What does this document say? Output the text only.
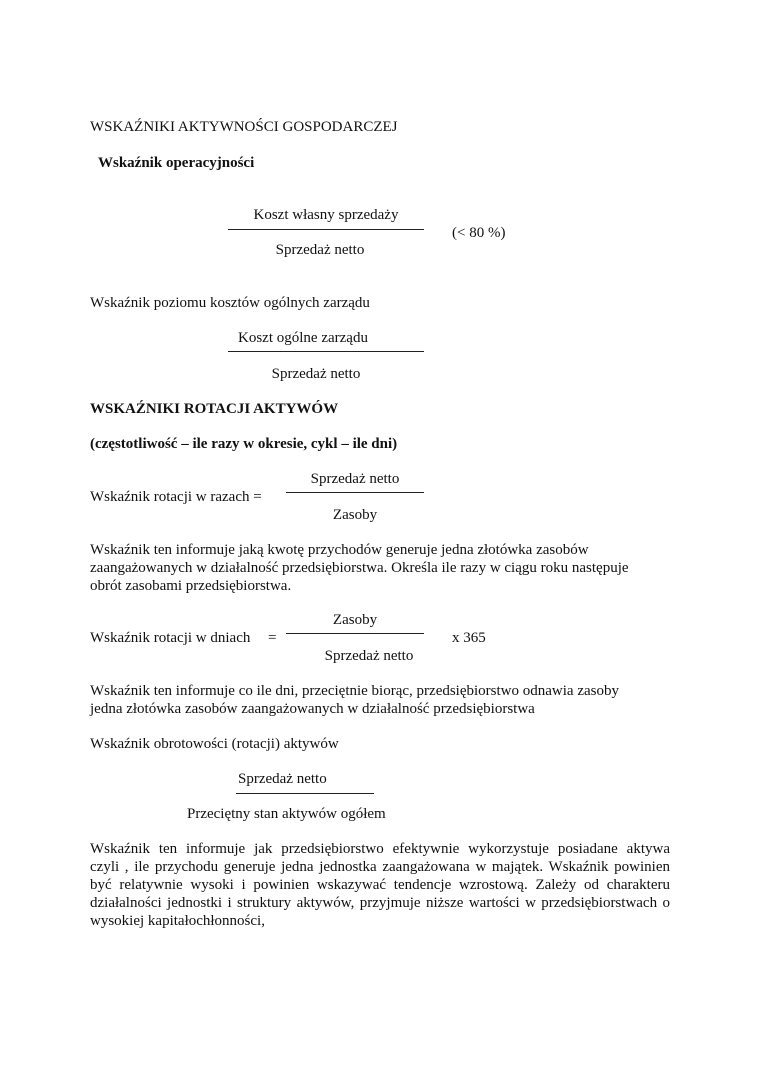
WSKAŹNIKI AKTYWNOŚCI GOSPODARCZEJ
Wskaźnik operacyjności
Koszt własny sprzedaży
Sprzedaż netto
(< 80 %)
Wskaźnik poziomu kosztów ogólnych zarządu
Koszt ogólne zarządu
Sprzedaż netto
WSKAŹNIKI ROTACJI AKTYWÓW
(częstotliwość – ile razy w okresie, cykl – ile dni)
Sprzedaż netto
Wskaźnik rotacji w razach =
Zasoby
Wskaźnik ten informuje jaką kwotę przychodów generuje jedna złotówka zasobów
zaangażowanych w działalność przedsiębiorstwa. Określa ile razy w ciągu roku następuje
obrót zasobami przedsiębiorstwa.
Zasoby
Wskaźnik rotacji w dniach =	x 365
Sprzedaż netto
Wskaźnik ten informuje co ile dni, przeciętnie biorąc, przedsiębiorstwo odnawia zasoby
jedna złotówka zasobów zaangażowanych w działalność przedsiębiorstwa
Wskaźnik obrotowości (rotacji) aktywów
Sprzedaż netto
Przeciętny stan aktywów ogółem
Wskaźnik ten informuje jak przedsiębiorstwo efektywnie wykorzystuje posiadane aktywa
czyli , ile przychodu generuje jedna jednostka zaangażowana w majątek. Wskaźnik powinien
być relatywnie wysoki i powinien wskazywać tendencje wzrostową. Zależy od charakteru
działalności jednostki i struktury aktywów, przyjmuje niższe wartości w przedsiębiorstwach o
wysokiej kapitałochłonności,
